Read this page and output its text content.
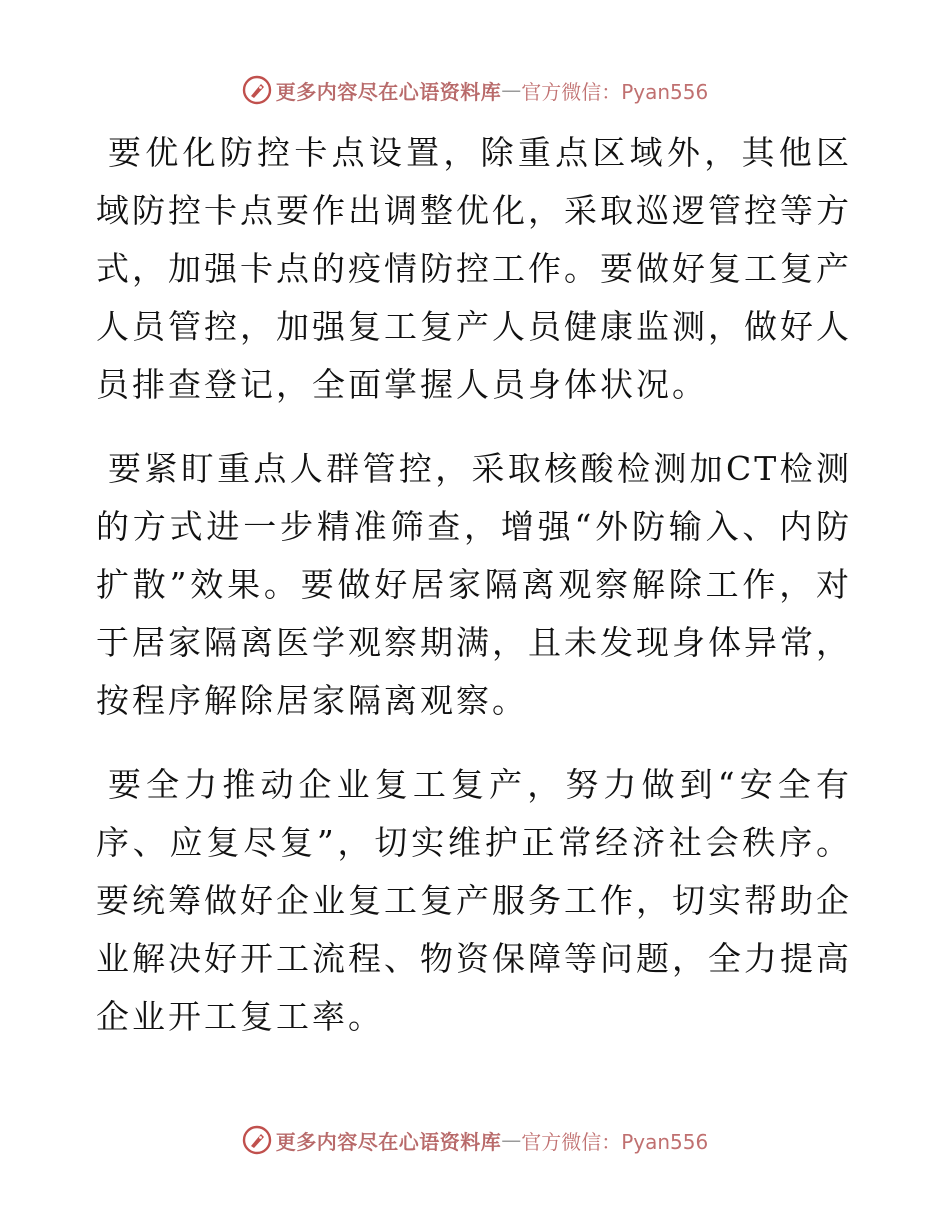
更多内容尽在心语资料库 — 官方微信：Pyan556

要优化防控卡点设置，除重点区域外，其他区域防控卡点要作出调整优化，采取巡逻管控等方式，加强卡点的疫情防控工作。要做好复工复产人员管控，加强复工复产人员健康监测，做好人员排查登记，全面掌握人员身体状况。

要紧盯重点人群管控，采取核酸检测加CT检测的方式进一步精准筛查，增强“外防输入、内防扩散”效果。要做好居家隔离观察解除工作，对于居家隔离医学观察期满，且未发现身体异常，按程序解除居家隔离观察。

要全力推动企业复工复产，努力做到“安全有序、应复尽复”，切实维护正常经济社会秩序。要统筹做好企业复工复产服务工作，切实帮助企业解决好开工流程、物资保障等问题，全力提高企业开工复工率。

更多内容尽在心语资料库 — 官方微信：Pyan556
